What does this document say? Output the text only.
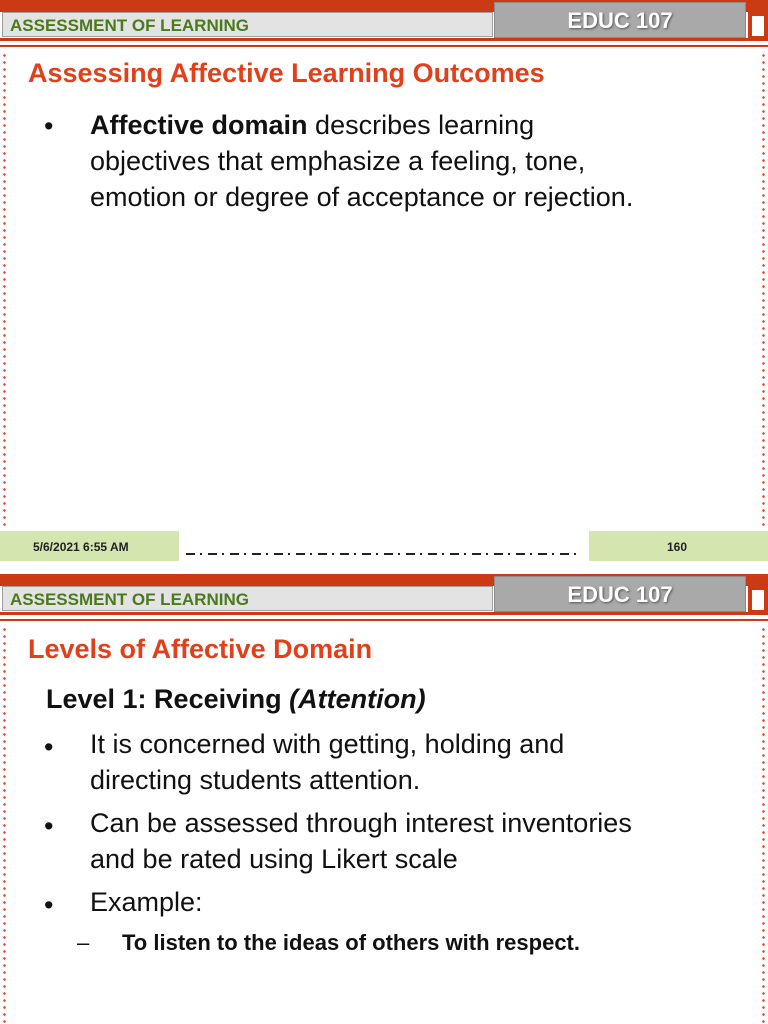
ASSESSMENT OF LEARNING	EDUC 107
Assessing Affective Learning Outcomes
• Affective domain describes learning
objectives that emphasize a feeling, tone,
emotion or degree of acceptance or rejection.
5/6/2021 6:55 AM	160
ASSESSMENT OF LEARNING	EDUC 107
Levels of Affective Domain
Level 1: Receiving (Attention)
• It is concerned with getting, holding and
directing students attention.
• Can be assessed through interest inventories
and be rated using Likert scale
• Example:
– To listen to the ideas of others with respect.
